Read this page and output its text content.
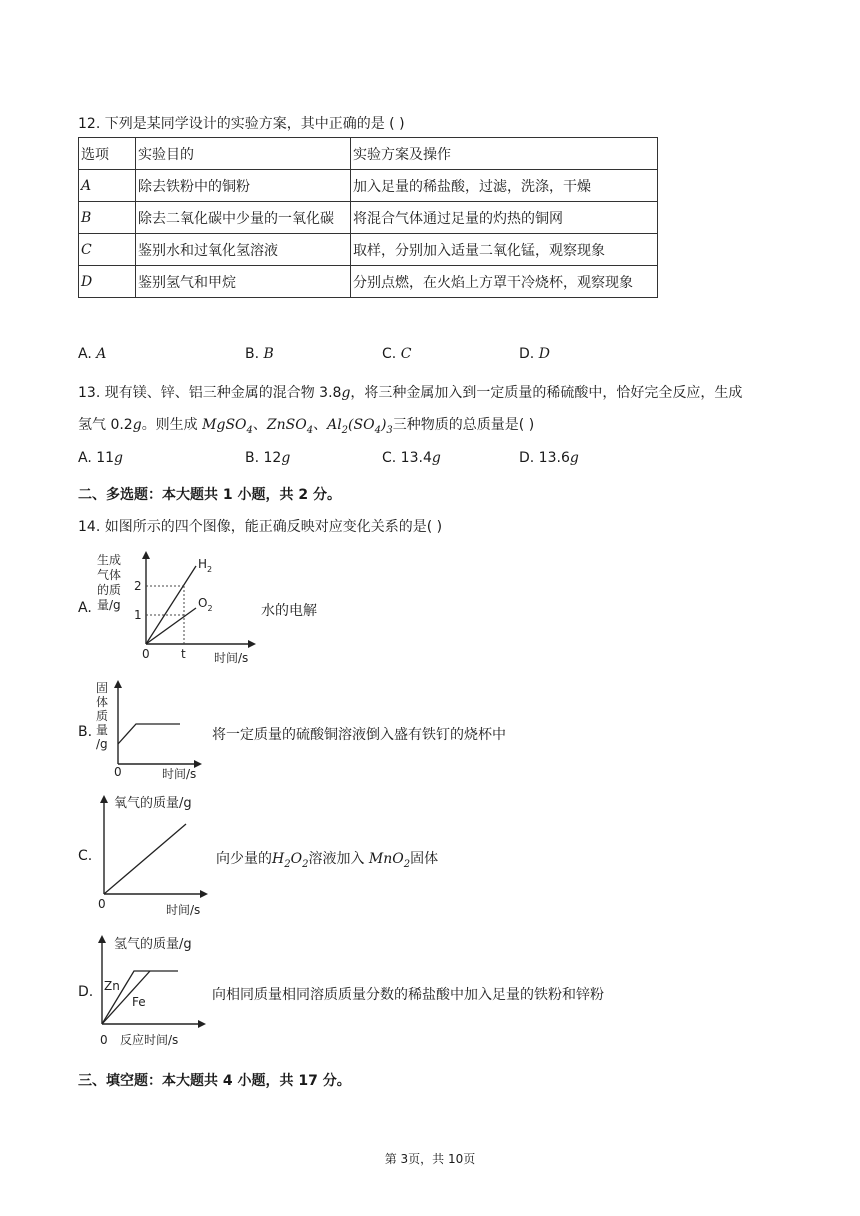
12. 下列是某同学设计的实验方案，其中正确的是 ( )
选项	实验目的	实验方案及操作
A	除去铁粉中的铜粉	加入足量的稀盐酸，过滤，洗涤，干燥
B	除去二氧化碳中少量的一氧化碳	将混合气体通过足量的灼热的铜网
C	鉴别水和过氧化氢溶液	取样，分别加入适量二氧化锰，观察现象
D	鉴别氢气和甲烷	分别点燃，在火焰上方罩干冷烧杯，观察现象
A. A	B. B	C. C	D. D
13. 现有镁、锌、铝三种金属的混合物 3.8g，将三种金属加入到一定质量的稀硫酸中，恰好完全反应，生成
氢气 0.2g。则生成 MgSO$_4$、ZnSO$_4$、$Al_2(SO_4)_3$三种物质的总质量是( )
A. 11g	B. 12g	C. 13.4g	D. 13.6g
二、多选题：本大题共 1 小题，共 2 分。
14. 如图所示的四个图像，能正确反映对应变化关系的是( )
A.
生成
气体
的质
量/g
2
1
0	t 时间/s
$H_2$
$O_2$	水的电解
B.
固
体
质
量
/g
0	时间/s
将一定质量的硫酸铜溶液倒入盛有铁钉的烧杯中
C.
氧气的质量/g
0	时间/s
向少量的$H_2O_2$溶液加入 MnO$_2$固体
D.
氢气的质量/g
Zn
Fe
0 反应时间/s
向相同质量相同溶质质量分数的稀盐酸中加入足量的铁粉和锌粉
三、填空题：本大题共 4 小题，共 17 分。
第 3页，共 10页
